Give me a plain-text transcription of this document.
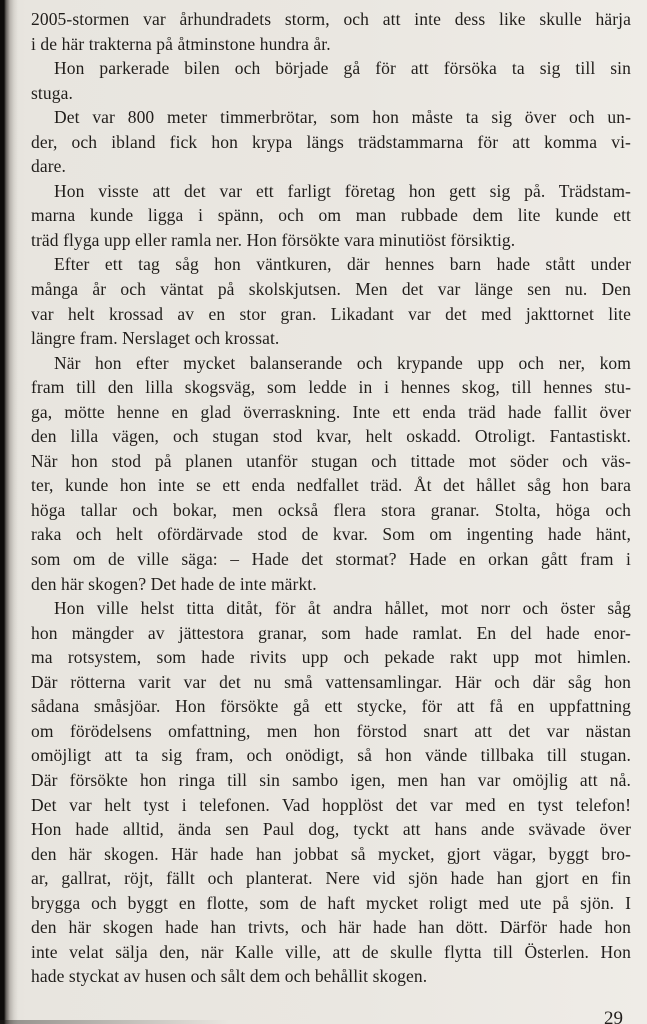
2005-stormen var århundradets storm, och att inte dess like skulle härja
i de här trakterna på åtminstone hundra år.
Hon parkerade bilen och började gå för att försöka ta sig till sin
stuga.
Det var 800 meter timmerbrötar, som hon måste ta sig över och un-
der, och ibland fick hon krypa längs trädstammarna för att komma vi-
dare.
Hon visste att det var ett farligt företag hon gett sig på. Trädstam-
marna kunde ligga i spänn, och om man rubbade dem lite kunde ett
träd flyga upp eller ramla ner. Hon försökte vara minutiöst försiktig.
Efter ett tag såg hon väntkuren, där hennes barn hade stått under
många år och väntat på skolskjutsen. Men det var länge sen nu. Den
var helt krossad av en stor gran. Likadant var det med jakttornet lite
längre fram. Nerslaget och krossat.
När hon efter mycket balanserande och krypande upp och ner, kom
fram till den lilla skogsväg, som ledde in i hennes skog, till hennes stu-
ga, mötte henne en glad överraskning. Inte ett enda träd hade fallit över
den lilla vägen, och stugan stod kvar, helt oskadd. Otroligt. Fantastiskt.
När hon stod på planen utanför stugan och tittade mot söder och väs-
ter, kunde hon inte se ett enda nedfallet träd. Åt det hållet såg hon bara
höga tallar och bokar, men också flera stora granar. Stolta, höga och
raka och helt ofördärvade stod de kvar. Som om ingenting hade hänt,
som om de ville säga: – Hade det stormat? Hade en orkan gått fram i
den här skogen? Det hade de inte märkt.
Hon ville helst titta ditåt, för åt andra hållet, mot norr och öster såg
hon mängder av jättestora granar, som hade ramlat. En del hade enor-
ma rotsystem, som hade rivits upp och pekade rakt upp mot himlen.
Där rötterna varit var det nu små vattensamlingar. Här och där såg hon
sådana småsjöar. Hon försökte gå ett stycke, för att få en uppfattning
om förödelsens omfattning, men hon förstod snart att det var nästan
omöjligt att ta sig fram, och onödigt, så hon vände tillbaka till stugan.
Där försökte hon ringa till sin sambo igen, men han var omöjlig att nå.
Det var helt tyst i telefonen. Vad hopplöst det var med en tyst telefon!
Hon hade alltid, ända sen Paul dog, tyckt att hans ande svävade över
den här skogen. Här hade han jobbat så mycket, gjort vägar, byggt bro-
ar, gallrat, röjt, fällt och planterat. Nere vid sjön hade han gjort en fin
brygga och byggt en flotte, som de haft mycket roligt med ute på sjön. I
den här skogen hade han trivts, och här hade han dött. Därför hade hon
inte velat sälja den, när Kalle ville, att de skulle flytta till Österlen. Hon
hade styckat av husen och sålt dem och behållit skogen.
29
